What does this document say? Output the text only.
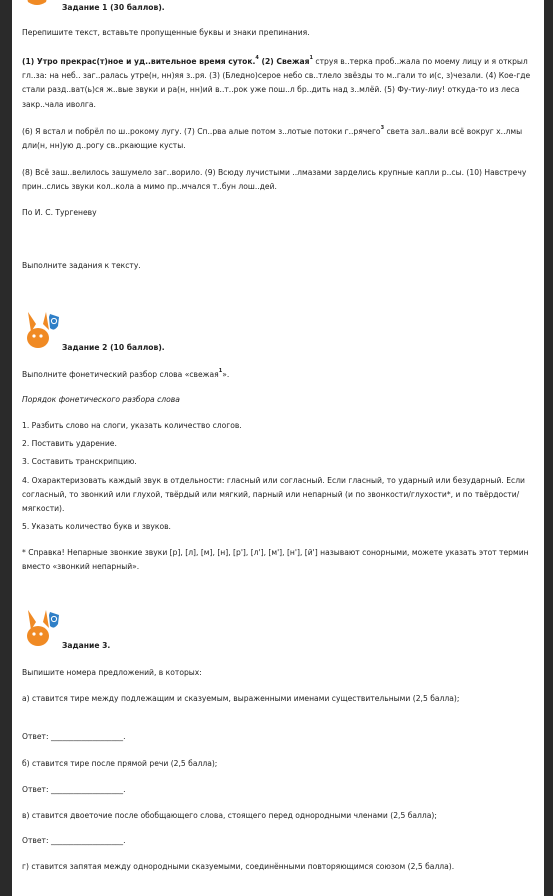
Задание 1 (30 баллов).

Перепишите текст, вставьте пропущенные буквы и знаки препинания.

(1) Утро прекрас(т)ное и уд..вительное время суток.$^4$ (2) Свежая$^1$ струя в..терка проб..жала по моему лицу и я открыл гл..за: на неб.. заг..ралась утре(н, нн)яя з..ря. (3) (Бледно)серое небо св..тлело звёзды то м..гали то и(с, з)чезали. (4) Кое-где стали разд..ват(ь)ся ж..вые звуки и ра(н, нн)ий в..т..рок уже пош..л бр..дить над з..млёй. (5) Фу-тиу-лиу! откуда-то из леса закр..чала иволга.

(6) Я встал и побрёл по ш..рокому лугу. (7) Сп..рва алые потом з..лотые потоки г..рячего$^3$ света зал..вали всё вокруг х..лмы дли(н, нн)ую д..рогу св..ркающие кусты.

(8) Всё заш..велилось зашумело заг..ворило. (9) Всюду лучистыми ..лмазами зардeлись крупные капли р..сы. (10) Навстречу прин..слись звуки кол..кола а мимо пр..мчался т..бун лош..дей.

По И. С. Тургеневу

Выполните задания к тексту.

Задание 2 (10 баллов).

Выполните фонетический разбор слова «свежая$^1$».

Порядок фонетического разбора слова

1. Разбить слово на слоги, указать количество слогов.
2. Поставить ударение.
3. Составить транскрипцию.
4. Охарактеризовать каждый звук в отдельности: гласный или согласный. Если гласный, то ударный или безударный. Если согласный, то звонкий или глухой, твёрдый или мягкий, парный или непарный (и по звонкости/глухости*, и по твёрдости/мягкости).
5. Указать количество букв и звуков.

* Справка! Непарные звонкие звуки [р], [л], [м], [н], [р'], [л'], [м'], [н'], [й'] называют сонорными, можете указать этот термин вместо «звонкий непарный».

Задание 3.

Выпишите номера предложений, в которых:

а) ставится тире между подлежащим и сказуемым, выраженными именами существительными (2,5 балла);

Ответ: ___________________.

б) ставится тире после прямой речи (2,5 балла);

Ответ: ___________________.

в) ставится двоеточие после обобщающего слова, стоящего перед однородными членами (2,5 балла);

Ответ: ___________________.

г) ставится запятая между однородными сказуемыми, соединёнными повторяющимся союзом (2,5 балла).
